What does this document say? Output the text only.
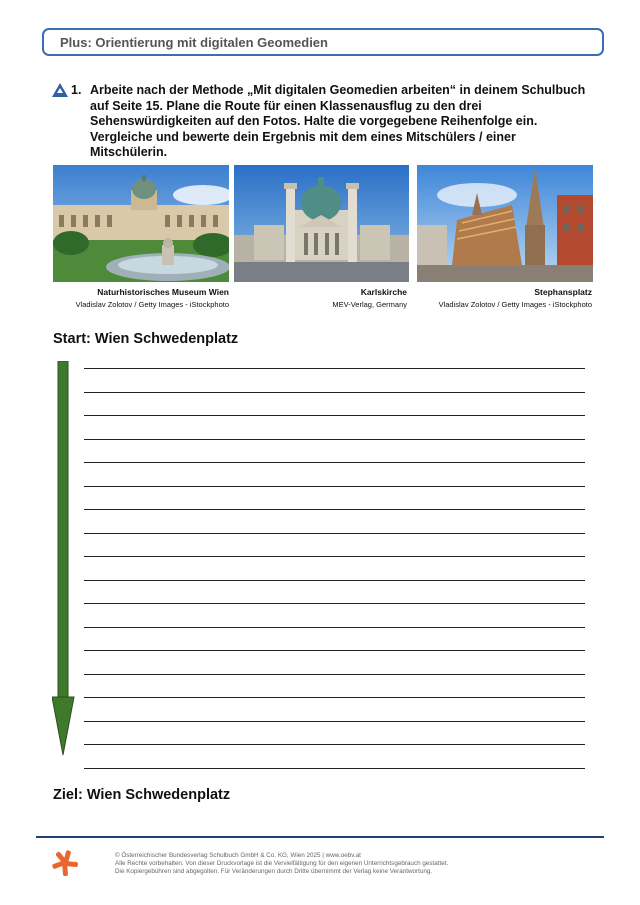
Plus: Orientierung mit digitalen Geomedien
1. Arbeite nach der Methode „Mit digitalen Geomedien arbeiten“ in deinem Schulbuch auf Seite 15. Plane die Route für einen Klassenausflug zu den drei Sehenswürdigkeiten auf den Fotos. Halte die vorgegebene Reihenfolge ein. Vergleiche und bewerte dein Ergebnis mit dem eines Mitschülers / einer Mitschülerin.
Naturhistorisches Museum Wien
Vladislav Zolotov / Getty Images - iStockphoto
Karlskirche
MEV-Verlag, Germany
Stephansplatz
Vladislav Zolotov / Getty Images - iStockphoto
Start: Wien Schwedenplatz
Ziel: Wien Schwedenplatz
© Österreichischer Bundesverlag Schulbuch GmbH & Co. KG, Wien 2025 | www.oebv.at
Alle Rechte vorbehalten. Von dieser Druckvorlage ist die Vervielfältigung für den eigenen Unterrichtsgebrauch gestattet.
Die Kopiergebühren sind abgegolten. Für Veränderungen durch Dritte übernimmt der Verlag keine Verantwortung.
